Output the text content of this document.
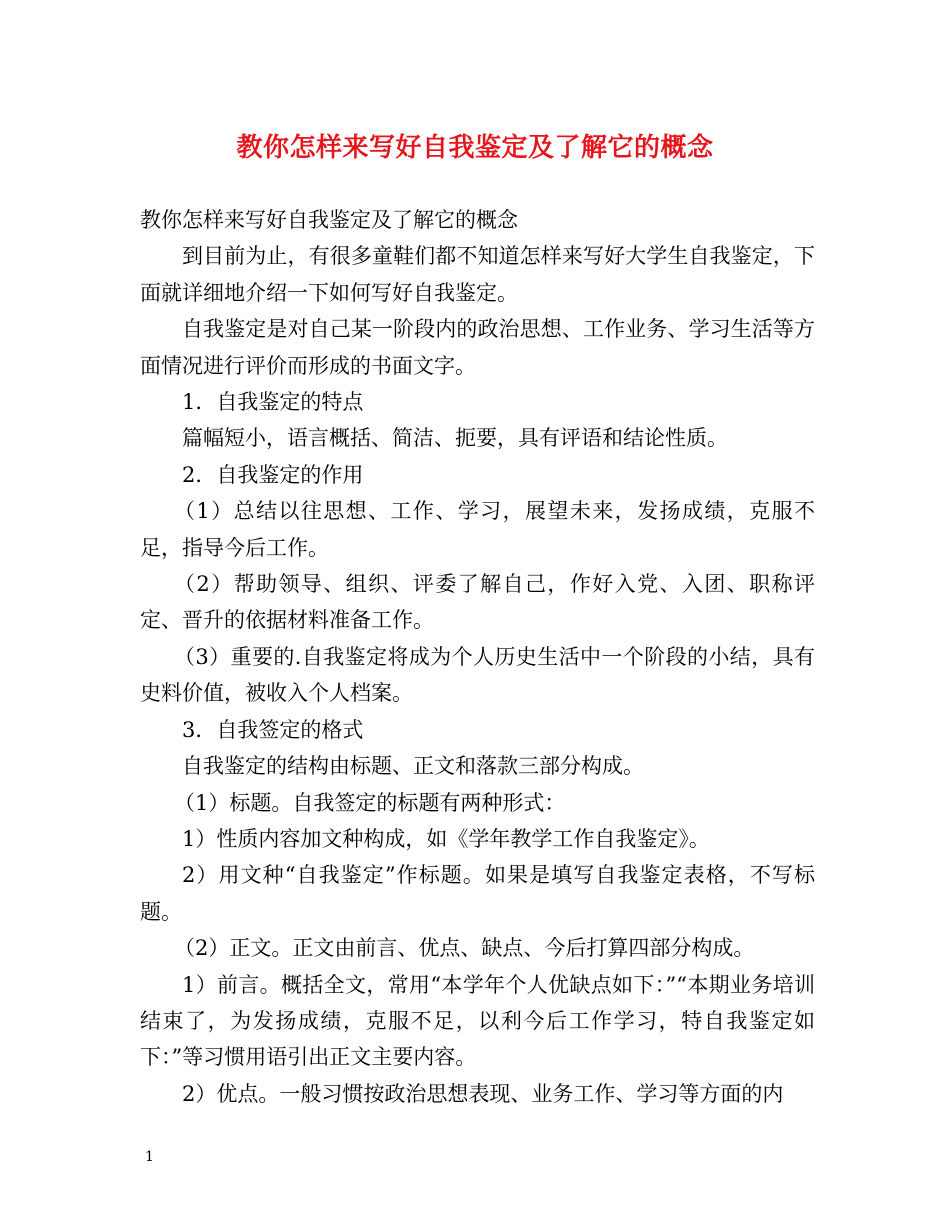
教你怎样来写好自我鉴定及了解它的概念

教你怎样来写好自我鉴定及了解它的概念

到目前为止，有很多童鞋们都不知道怎样来写好大学生自我鉴定，下面就详细地介绍一下如何写好自我鉴定。

自我鉴定是对自己某一阶段内的政治思想、工作业务、学习生活等方面情况进行评价而形成的书面文字。

1．自我鉴定的特点

篇幅短小，语言概括、简洁、扼要，具有评语和结论性质。

2．自我鉴定的作用

（1）总结以往思想、工作、学习，展望未来，发扬成绩，克服不足，指导今后工作。

（2）帮助领导、组织、评委了解自己，作好入党、入团、职称评定、晋升的依据材料准备工作。

（3）重要的.自我鉴定将成为个人历史生活中一个阶段的小结，具有史料价值，被收入个人档案。

3．自我签定的格式

自我鉴定的结构由标题、正文和落款三部分构成。

（1）标题。自我签定的标题有两种形式：

1）性质内容加文种构成，如《学年教学工作自我鉴定》。

2）用文种“自我鉴定”作标题。如果是填写自我鉴定表格，不写标题。

（2）正文。正文由前言、优点、缺点、今后打算四部分构成。

1）前言。概括全文，常用“本学年个人优缺点如下：”“本期业务培训结束了，为发扬成绩，克服不足，以利今后工作学习，特自我鉴定如下：”等习惯用语引出正文主要内容。

2）优点。一般习惯按政治思想表现、业务工作、学习等方面的内

1
